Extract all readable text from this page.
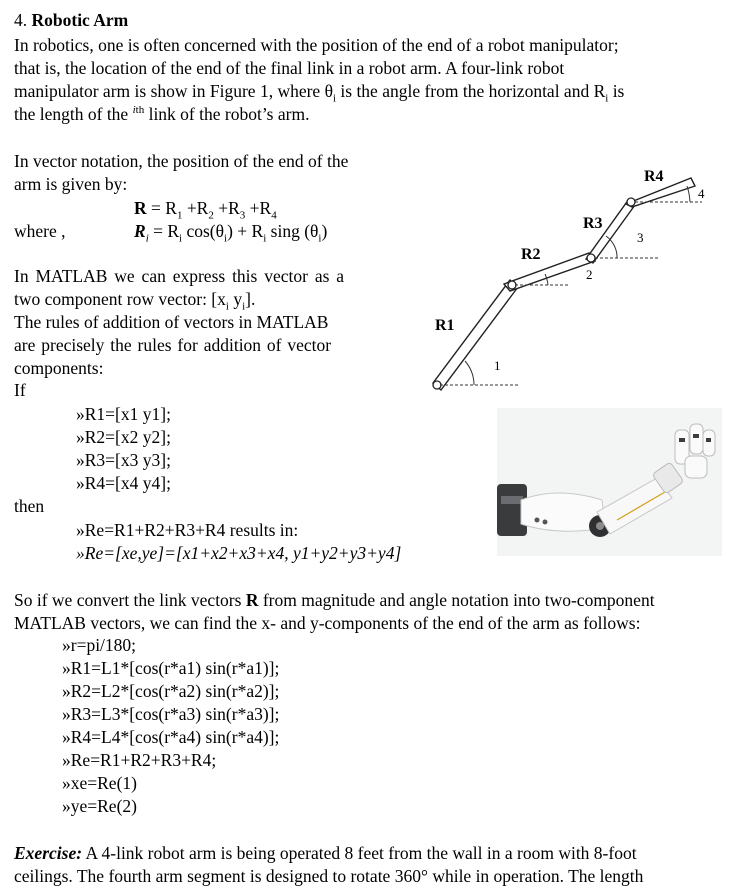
4. Robotic Arm
In robotics, one is often concerned with the position of the end of a robot manipulator;
that is, the location of the end of the final link in a robot arm. A four-link robot
manipulator arm is show in Figure 1, where $\theta_i$ is the angle from the horizontal and $R_i$ is
the length of the $^{ith}$ link of the robot’s arm.
In vector notation, the position of the end of the
arm is given by:
$R = R_1 +R_2 +R_3 +R_4$
where ,	$R_i = R_i$ $\cos(\theta_i) + R_i$ sing $(\theta_i)$
In MATLAB we can express this vector as a
two component row vector: [$x_i$ $y_i$].
The rules of addition of vectors in MATLAB
are precisely the rules for addition of vector
components:
If
»R1=[x1 y1];
»R2=[x2 y2];
»R3=[x3 y3];
»R4=[x4 y4];
then
»Re=R1+R2+R3+R4 results in:
»Re=[xe,ye]=[x1+x2+x3+x4, y1+y2+y3+y4]
R1
R2
R3
R4
1
2
3
4
So if we convert the link vectors R from magnitude and angle notation into two-component
MATLAB vectors, we can find the x- and y-components of the end of the arm as follows:
»r=pi/180;
»R1=L1*[cos(r*a1) sin(r*a1)];
»R2=L2*[cos(r*a2) sin(r*a2)];
»R3=L3*[cos(r*a3) sin(r*a3)];
»R4=L4*[cos(r*a4) sin(r*a4)];
»Re=R1+R2+R3+R4;
»xe=Re(1)
»ye=Re(2)
Exercise: A 4-link robot arm is being operated 8 feet from the wall in a room with 8-foot
ceilings. The fourth arm segment is designed to rotate 360° while in operation. The length
